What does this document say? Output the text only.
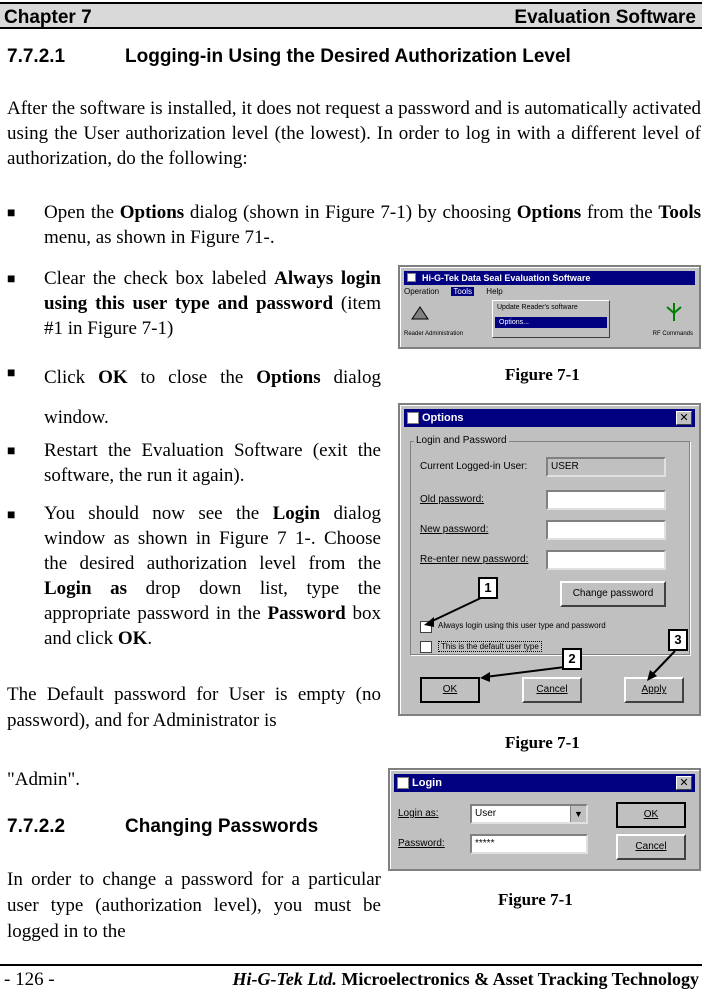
Chapter 7	Evaluation Software
7.7.2.1	Logging-in Using the Desired Authorization Level
After the software is installed, it does not request a password and is automatically activated using the User authorization level (the lowest). In order to log in with a different level of authorization, do the following:
■ Open the Options dialog (shown in Figure 7-1) by choosing Options from the Tools menu, as shown in Figure 71-.
■ Clear the check box labeled Always login using this user type and password (item #1 in Figure 7-1)
■ Click OK to close the Options dialog window.
■ Restart the Evaluation Software (exit the software, the run it again).
■ You should now see the Login dialog window as shown in Figure 7 1-. Choose the desired authorization level from the Login as drop down list, type the appropriate password in the Password box and click OK.
The Default password for User is empty (no password), and for Administrator is
"Admin".
7.7.2.2	Changing Passwords
In order to change a password for a particular user type (authorization level), you must be logged in to the
Hi-G-Tek Data Seal Evaluation Software
Operation Tools Help
Update Reader's software
Options...
Reader Administration	RF Commands
Figure 7-1
Options	✕
Login and Password
Current Logged-in User:	USER
Old password:
New password:
Re-enter new password:
Change password
Always login using this user type and password
This is the default user type
OK	Cancel	Apply
1
2
3
Figure 7-1
Login	✕
Login as:	User	▼
Password:	*****
OK
Cancel
Figure 7-1
- 126 -	Hi-G-Tek Ltd. Microelectronics & Asset Tracking Technology
